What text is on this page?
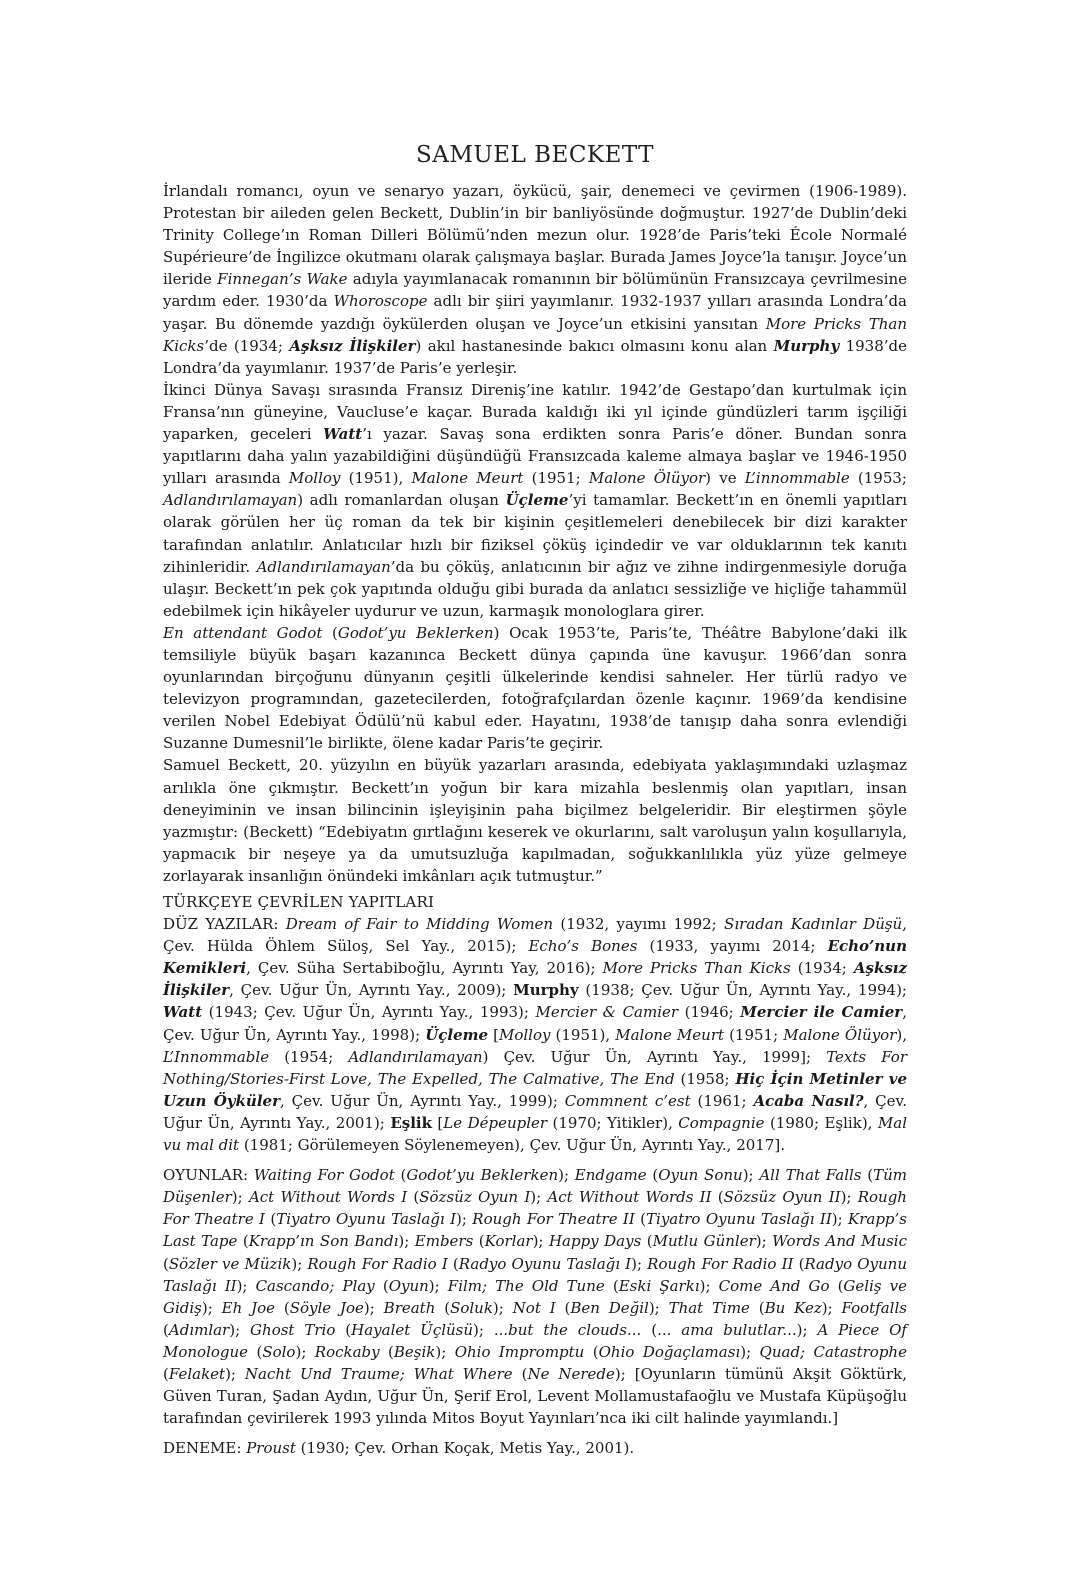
SAMUEL BECKETT
İrlandalı romancı, oyun ve senaryo yazarı, öykücü, şair, denemeci ve çevirmen (1906-1989). Protestan bir aileden gelen Beckett, Dublin’in bir banliyösünde doğmuştur. 1927’de Dublin’deki Trinity College’ın Roman Dilleri Bölümü’nden mezun olur. 1928’de Paris’teki École Normalé Supérieure’de İngilizce okutmanı olarak çalışmaya başlar. Burada James Joyce’la tanışır. Joyce’un ileride Finnegan’s Wake adıyla yayımlanacak romanının bir bölümünün Fransızcaya çevrilmesine yardım eder. 1930’da Whoroscope adlı bir şiiri yayımlanır. 1932-1937 yılları arasında Londra’da yaşar. Bu dönemde yazdığı öykülerden oluşan ve Joyce’un etkisini yansıtan More Pricks Than Kicks’de (1934; Aşksız İlişkiler) akıl hastanesinde bakıcı olmasını konu alan Murphy 1938’de Londra’da yayımlanır. 1937’de Paris’e yerleşir.
İkinci Dünya Savaşı sırasında Fransız Direniş’ine katılır. 1942’de Gestapo’dan kurtulmak için Fransa’nın güneyine, Vaucluse’e kaçar. Burada kaldığı iki yıl içinde gündüzleri tarım işçiliği yaparken, geceleri Watt’ı yazar. Savaş sona erdikten sonra Paris’e döner. Bundan sonra yapıtlarını daha yalın yazabildiğini düşündüğü Fransızcada kaleme almaya başlar ve 1946-1950 yılları arasında Molloy (1951), Malone Meurt (1951; Malone Ölüyor) ve L’innommable (1953; Adlandırılamayan) adlı romanlardan oluşan Üçleme’yi tamamlar. Beckett’ın en önemli yapıtları olarak görülen her üç roman da tek bir kişinin çeşitlemeleri denebilecek bir dizi karakter tarafından anlatılır. Anlatıcılar hızlı bir fiziksel çöküş içindedir ve var olduklarının tek kanıtı zihinleridir. Adlandırılamayan’da bu çöküş, anlatıcının bir ağız ve zihne indirgenmesiyle doruğa ulaşır. Beckett’ın pek çok yapıtında olduğu gibi burada da anlatıcı sessizliğe ve hiçliğe tahammül edebilmek için hikâyeler uydurur ve uzun, karmaşık monologlara girer.
En attendant Godot (Godot’yu Beklerken) Ocak 1953’te, Paris’te, Théâtre Babylone’daki ilk temsiliyle büyük başarı kazanınca Beckett dünya çapında üne kavuşur. 1966’dan sonra oyunlarından birçoğunu dünyanın çeşitli ülkelerinde kendisi sahneler. Her türlü radyo ve televizyon programından, gazetecilerden, fotoğrafçılardan özenle kaçınır. 1969’da kendisine verilen Nobel Edebiyat Ödülü’nü kabul eder. Hayatını, 1938’de tanışıp daha sonra evlendiği Suzanne Dumesnil’le birlikte, ölene kadar Paris’te geçirir.
Samuel Beckett, 20. yüzyılın en büyük yazarları arasında, edebiyata yaklaşımındaki uzlaşmaz arılıkla öne çıkmıştır. Beckett’ın yoğun bir kara mizahla beslenmiş olan yapıtları, insan deneyiminin ve insan bilincinin işleyişinin paha biçilmez belgeleridir. Bir eleştirmen şöyle yazmıştır: (Beckett) “Edebiyatın gırtlağını keserek ve okurlarını, salt varoluşun yalın koşullarıyla, yapmacık bir neşeye ya da umutsuzluğa kapılmadan, soğukkanlılıkla yüz yüze gelmeye zorlayarak insanlığın önündeki imkânları açık tutmuştur.”
TÜRKÇEYE ÇEVRİLEN YAPITLARI
DÜZ YAZILAR: Dream of Fair to Midding Women (1932, yayımı 1992; Sıradan Kadınlar Düşü, Çev. Hülda Öhlem Süloş, Sel Yay., 2015); Echo’s Bones (1933, yayımı 2014; Echo’nun Kemikleri, Çev. Süha Sertabiboğlu, Ayrıntı Yay, 2016); More Pricks Than Kicks (1934; Aşksız İlişkiler, Çev. Uğur Ün, Ayrıntı Yay., 2009); Murphy (1938; Çev. Uğur Ün, Ayrıntı Yay., 1994); Watt (1943; Çev. Uğur Ün, Ayrıntı Yay., 1993); Mercier & Camier (1946; Mercier ile Camier, Çev. Uğur Ün, Ayrıntı Yay., 1998); Üçleme [Molloy (1951), Malone Meurt (1951; Malone Ölüyor), L’Innommable (1954; Adlandırılamayan) Çev. Uğur Ün, Ayrıntı Yay., 1999]; Texts For Nothing/Stories-First Love, The Expelled, The Calmative, The End (1958; Hiç İçin Metinler ve Uzun Öyküler, Çev. Uğur Ün, Ayrıntı Yay., 1999); Commnent c’est (1961; Acaba Nasıl?, Çev. Uğur Ün, Ayrıntı Yay., 2001); Eşlik [Le Dépeupler (1970; Yitikler), Compagnie (1980; Eşlik), Mal vu mal dit (1981; Görülemeyen Söylenemeyen), Çev. Uğur Ün, Ayrıntı Yay., 2017].
OYUNLAR: Waiting For Godot (Godot’yu Beklerken); Endgame (Oyun Sonu); All That Falls (Tüm Düşenler); Act Without Words I (Sözsüz Oyun I); Act Without Words II (Sözsüz Oyun II); Rough For Theatre I (Tiyatro Oyunu Taslağı I); Rough For Theatre II (Tiyatro Oyunu Taslağı II); Krapp’s Last Tape (Krapp’ın Son Bandı); Embers (Korlar); Happy Days (Mutlu Günler); Words And Music (Sözler ve Müzik); Rough For Radio I (Radyo Oyunu Taslağı I); Rough For Radio II (Radyo Oyunu Taslağı II); Cascando; Play (Oyun); Film; The Old Tune (Eski Şarkı); Come And Go (Geliş ve Gidiş); Eh Joe (Söyle Joe); Breath (Soluk); Not I (Ben Değil); That Time (Bu Kez); Footfalls (Adımlar); Ghost Trio (Hayalet Üçlüsü); ...but the clouds... (... ama bulutlar...); A Piece Of Monologue (Solo); Rockaby (Beşik); Ohio Impromptu (Ohio Doğaçlaması); Quad; Catastrophe (Felaket); Nacht Und Traume; What Where (Ne Nerede); [Oyunların tümünü Akşit Göktürk, Güven Turan, Şadan Aydın, Uğur Ün, Şerif Erol, Levent Mollamustafaoğlu ve Mustafa Küpüşoğlu tarafından çevirilerek 1993 yılında Mitos Boyut Yayınları’nca iki cilt halinde yayımlandı.]
DENEME: Proust (1930; Çev. Orhan Koçak, Metis Yay., 2001).
